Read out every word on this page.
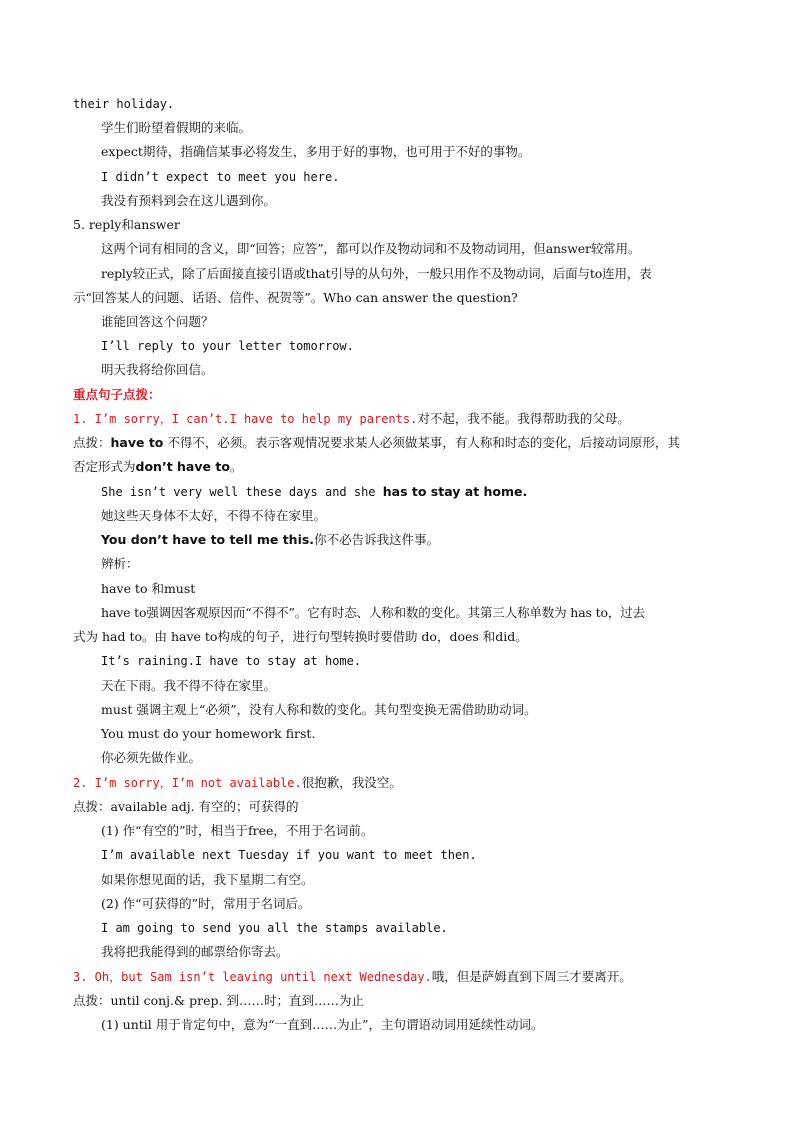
their holiday.
学生们盼望着假期的来临。
expect期待，指确信某事必将发生，多用于好的事物，也可用于不好的事物。
I didn’t expect to meet you here.
我没有预料到会在这儿遇到你。
5. reply和answer
这两个词有相同的含义，即“回答；应答”，都可以作及物动词和不及物动词用，但answer较常用。
reply较正式，除了后面接直接引语或that引导的从句外，一般只用作不及物动词，后面与to连用，表
示“回答某人的问题、话语、信件、祝贺等”。Who can answer the question?
谁能回答这个问题？
I’ll reply to your letter tomorrow.
明天我将给你回信。
重点句子点拨：
1. I’m sorry，I can’t.I have to help my parents.对不起，我不能。我得帮助我的父母。
点拨：have to 不得不，必须。表示客观情况要求某人必须做某事，有人称和时态的变化，后接动词原形，其
否定形式为don’t have to。
She isn’t very well these days and she has to stay at home.
她这些天身体不太好，不得不待在家里。
You don’t have to tell me this.你不必告诉我这件事。
辨析：
have to 和must
have to强调因客观原因而“不得不”。它有时态、人称和数的变化。其第三人称单数为 has to，过去
式为 had to。由 have to构成的句子，进行句型转换时要借助 do，does 和did。
It’s raining.I have to stay at home.
天在下雨。我不得不待在家里。
must 强调主观上“必须”，没有人称和数的变化。其句型变换无需借助助动词。
You must do your homework first.
你必须先做作业。
2. I’m sorry，I’m not available.很抱歉，我没空。
点拨：available adj. 有空的；可获得的
(1) 作“有空的”时，相当于free，不用于名词前。
I’m available next Tuesday if you want to meet then.
如果你想见面的话，我下星期二有空。
(2) 作“可获得的”时，常用于名词后。
I am going to send you all the stamps available.
我将把我能得到的邮票给你寄去。
3. Oh，but Sam isn’t leaving until next Wednesday.哦，但是萨姆直到下周三才要离开。
点拨：until conj.& prep. 到……时；直到……为止
(1) until 用于肯定句中，意为“一直到……为止”，主句谓语动词用延续性动词。
